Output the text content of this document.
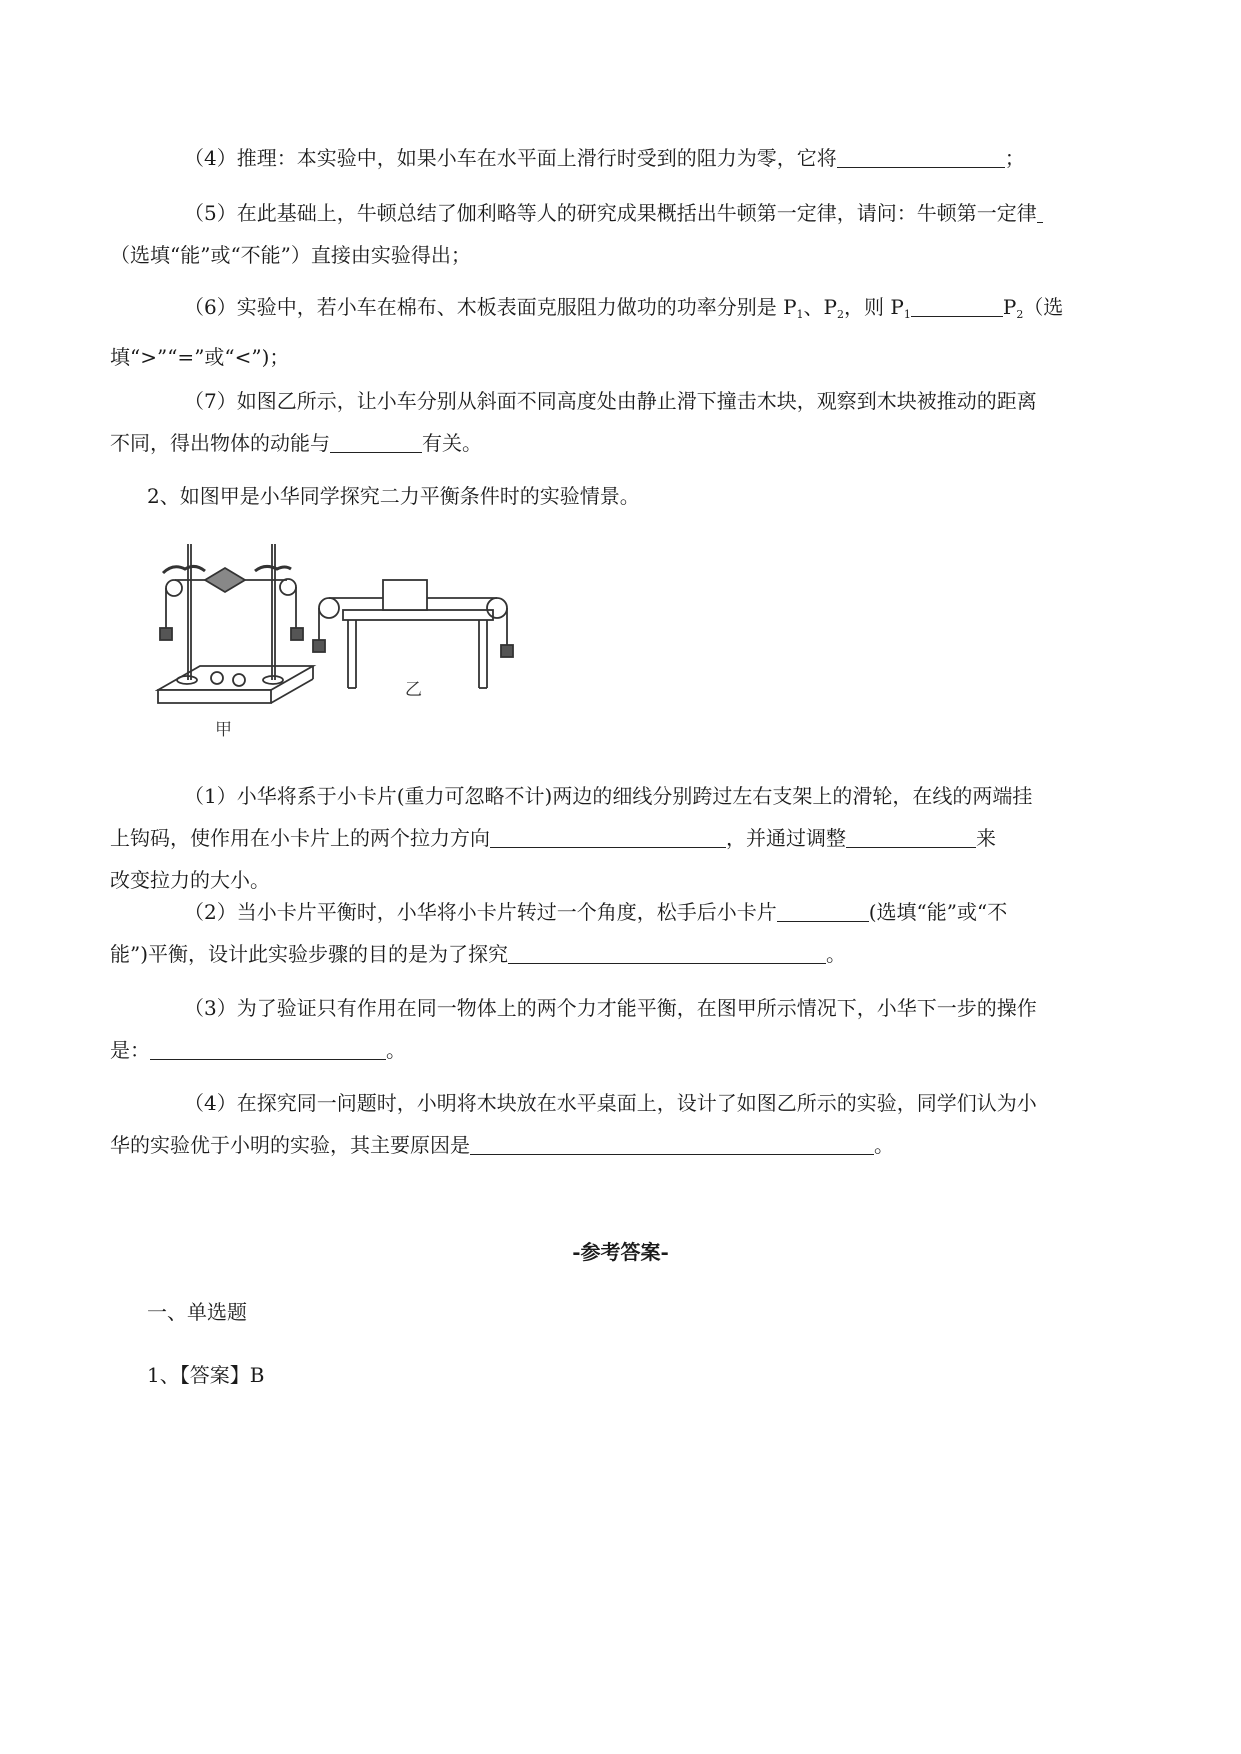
（4）推理：本实验中，如果小车在水平面上滑行时受到的阻力为零，它将	；

（5）在此基础上，牛顿总结了伽利略等人的研究成果概括出牛顿第一定律，请问：牛顿第一定律
（选填“能”或“不能”）直接由实验得出；

（6）实验中，若小车在棉布、木板表面克服阻力做功的功率分别是 $P_1$、$P_2$，则 $P_1$	$P_2$（选
填“>”“=”或“<”)；

（7）如图乙所示，让小车分别从斜面不同高度处由静止滑下撞击木块，观察到木块被推动的距离
不同，得出物体的动能与	有关。

2、如图甲是小华同学探究二力平衡条件时的实验情景。

甲
乙

（1）小华将系于小卡片(重力可忽略不计)两边的细线分别跨过左右支架上的滑轮，在线的两端挂
上钩码，使作用在小卡片上的两个拉力方向	，并通过调整	来
改变拉力的大小。

（2）当小卡片平衡时，小华将小卡片转过一个角度，松手后小卡片	(选填“能”或“不
能”)平衡，设计此实验步骤的目的是为了探究	。

（3）为了验证只有作用在同一物体上的两个力才能平衡，在图甲所示情况下，小华下一步的操作
是：	。

（4）在探究同一问题时，小明将木块放在水平桌面上，设计了如图乙所示的实验，同学们认为小
华的实验优于小明的实验，其主要原因是	。

-参考答案-

一、单选题

1、【答案】B
